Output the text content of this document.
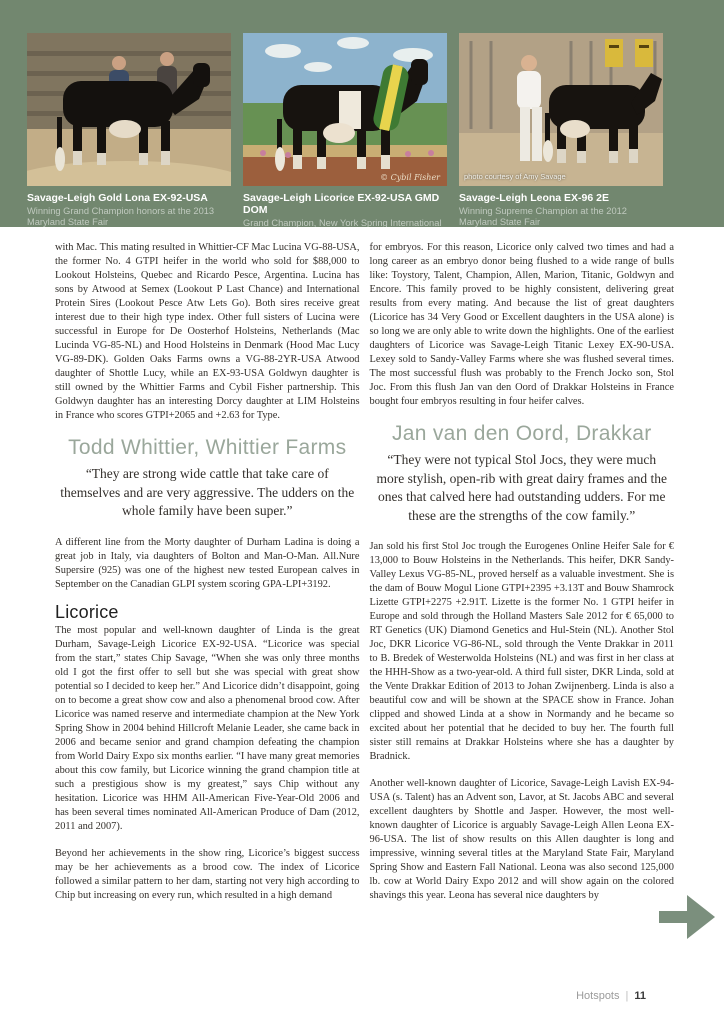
Savage-Leigh Gold Lona EX-92-USA
Winning Grand Champion honors at the 2013 Maryland State Fair
© Cybil Fisher
Savage-Leigh Licorice EX-92-USA GMD DOM
Grand Champion, New York Spring International Show 2006
photo courtesy of Amy Savage
Savage-Leigh Leona EX-96 2E
Winning Supreme Champion at the 2012 Maryland State Fair

with Mac. This mating resulted in Whittier-CF Mac Lucina VG-88-USA, the former No. 4 GTPI heifer in the world who sold for $88,000 to Lookout Holsteins, Quebec and Ricardo Pesce, Argentina. Lucina has sons by Atwood at Semex (Lookout P Last Chance) and International Protein Sires (Lookout Pesce Atw Lets Go). Both sires receive great interest due to their high type index. Other full sisters of Lucina were successful in Europe for De Oosterhof Holsteins, Netherlands (Mac Lucinda VG-85-NL) and Hood Holsteins in Denmark (Hood Mac Lucy VG-89-DK). Golden Oaks Farms owns a VG-88-2YR-USA Atwood daughter of Shottle Lucy, while an EX-93-USA Goldwyn daughter is still owned by the Whittier Farms and Cybil Fisher partnership. This Goldwyn daughter has an interesting Dorcy daughter at LIM Holsteins in France who scores GTPI+2065 and +2.63 for Type.

Todd Whittier, Whittier Farms

“They are strong wide cattle that take care of themselves and are very aggressive. The udders on the whole family have been super.”

A different line from the Morty daughter of Durham Ladina is doing a great job in Italy, via daughters of Bolton and Man-O-Man. All.Nure Supersire (925) was one of the highest new tested European calves in September on the Canadian GLPI system scoring GPA-LPI+3192.

Licorice

The most popular and well-known daughter of Linda is the great Durham, Savage-Leigh Licorice EX-92-USA. “Licorice was special from the start,” states Chip Savage, “When she was only three months old I got the first offer to sell but she was special with great show potential so I decided to keep her.” And Licorice didn’t disappoint, going on to become a great show cow and also a phenomenal brood cow. After Licorice was named reserve and intermediate champion at the New York Spring Show in 2004 behind Hillcroft Melanie Leader, she came back in 2006 and became senior and grand champion defeating the champion from World Dairy Expo six months earlier. “I have many great memories about this cow family, but Licorice winning the grand champion title at such a prestigious show is my greatest,” says Chip without any hesitation. Licorice was HHM All-American Five-Year-Old 2006 and has been several times nominated All-American Produce of Dam (2012, 2011 and 2007).

Beyond her achievements in the show ring, Licorice’s biggest success may be her achievements as a brood cow. The index of Licorice followed a similar pattern to her dam, starting not very high according to Chip but increasing on every run, which resulted in a high demand

for embryos. For this reason, Licorice only calved two times and had a long career as an embryo donor being flushed to a wide range of bulls like: Toystory, Talent, Champion, Allen, Marion, Titanic, Goldwyn and Encore. This family proved to be highly consistent, delivering great results from every mating. And because the list of great daughters (Licorice has 34 Very Good or Excellent daughters in the USA alone) is so long we are only able to write down the highlights. One of the earliest daughters of Licorice was Savage-Leigh Titanic Lexey EX-90-USA. Lexey sold to Sandy-Valley Farms where she was flushed several times. The most successful flush was probably to the French Jocko son, Stol Joc. From this flush Jan van den Oord of Drakkar Holsteins in France bought four embryos resulting in four heifer calves.

Jan van den Oord, Drakkar

“They were not typical Stol Jocs, they were much more stylish, open-rib with great dairy frames and the ones that calved here had outstanding udders. For me these are the strengths of the cow family.”

Jan sold his first Stol Joc trough the Eurogenes Online Heifer Sale for € 13,000 to Bouw Holsteins in the Netherlands. This heifer, DKR Sandy-Valley Lexus VG-85-NL, proved herself as a valuable investment. She is the dam of Bouw Mogul Lione GTPI+2395 +3.13T and Bouw Shamrock Lizette GTPI+2275 +2.91T. Lizette is the former No. 1 GTPI heifer in Europe and sold through the Holland Masters Sale 2012 for € 65,000 to RT Genetics (UK) Diamond Genetics and Hul-Stein (NL). Another Stol Joc, DKR Licorice VG-86-NL, sold through the Vente Drakkar in 2011 to B. Bredek of Westerwolda Holsteins (NL) and was first in her class at the HHH-Show as a two-year-old. A third full sister, DKR Linda, sold at the Vente Drakkar Edition of 2013 to Johan Zwijnenberg. Linda is also a beautiful cow and will be shown at the SPACE show in France. Johan clipped and showed Linda at a show in Normandy and he became so excited about her potential that he decided to buy her. The fourth full sister still remains at Drakkar Holsteins where she has a daughter by Bradnick.

Another well-known daughter of Licorice, Savage-Leigh Lavish EX-94-USA (s. Talent) has an Advent son, Lavor, at St. Jacobs ABC and several excellent daughters by Shottle and Jasper. However, the most well-known daughter of Licorice is arguably Savage-Leigh Allen Leona EX-96-USA. The list of show results on this Allen daughter is long and impressive, winning several titles at the Maryland State Fair, Maryland Spring Show and Eastern Fall National. Leona was also second 125,000 lb. cow at World Dairy Expo 2012 and will show again on the colored shavings this year. Leona has several nice daughters by

Hotspots | 11
